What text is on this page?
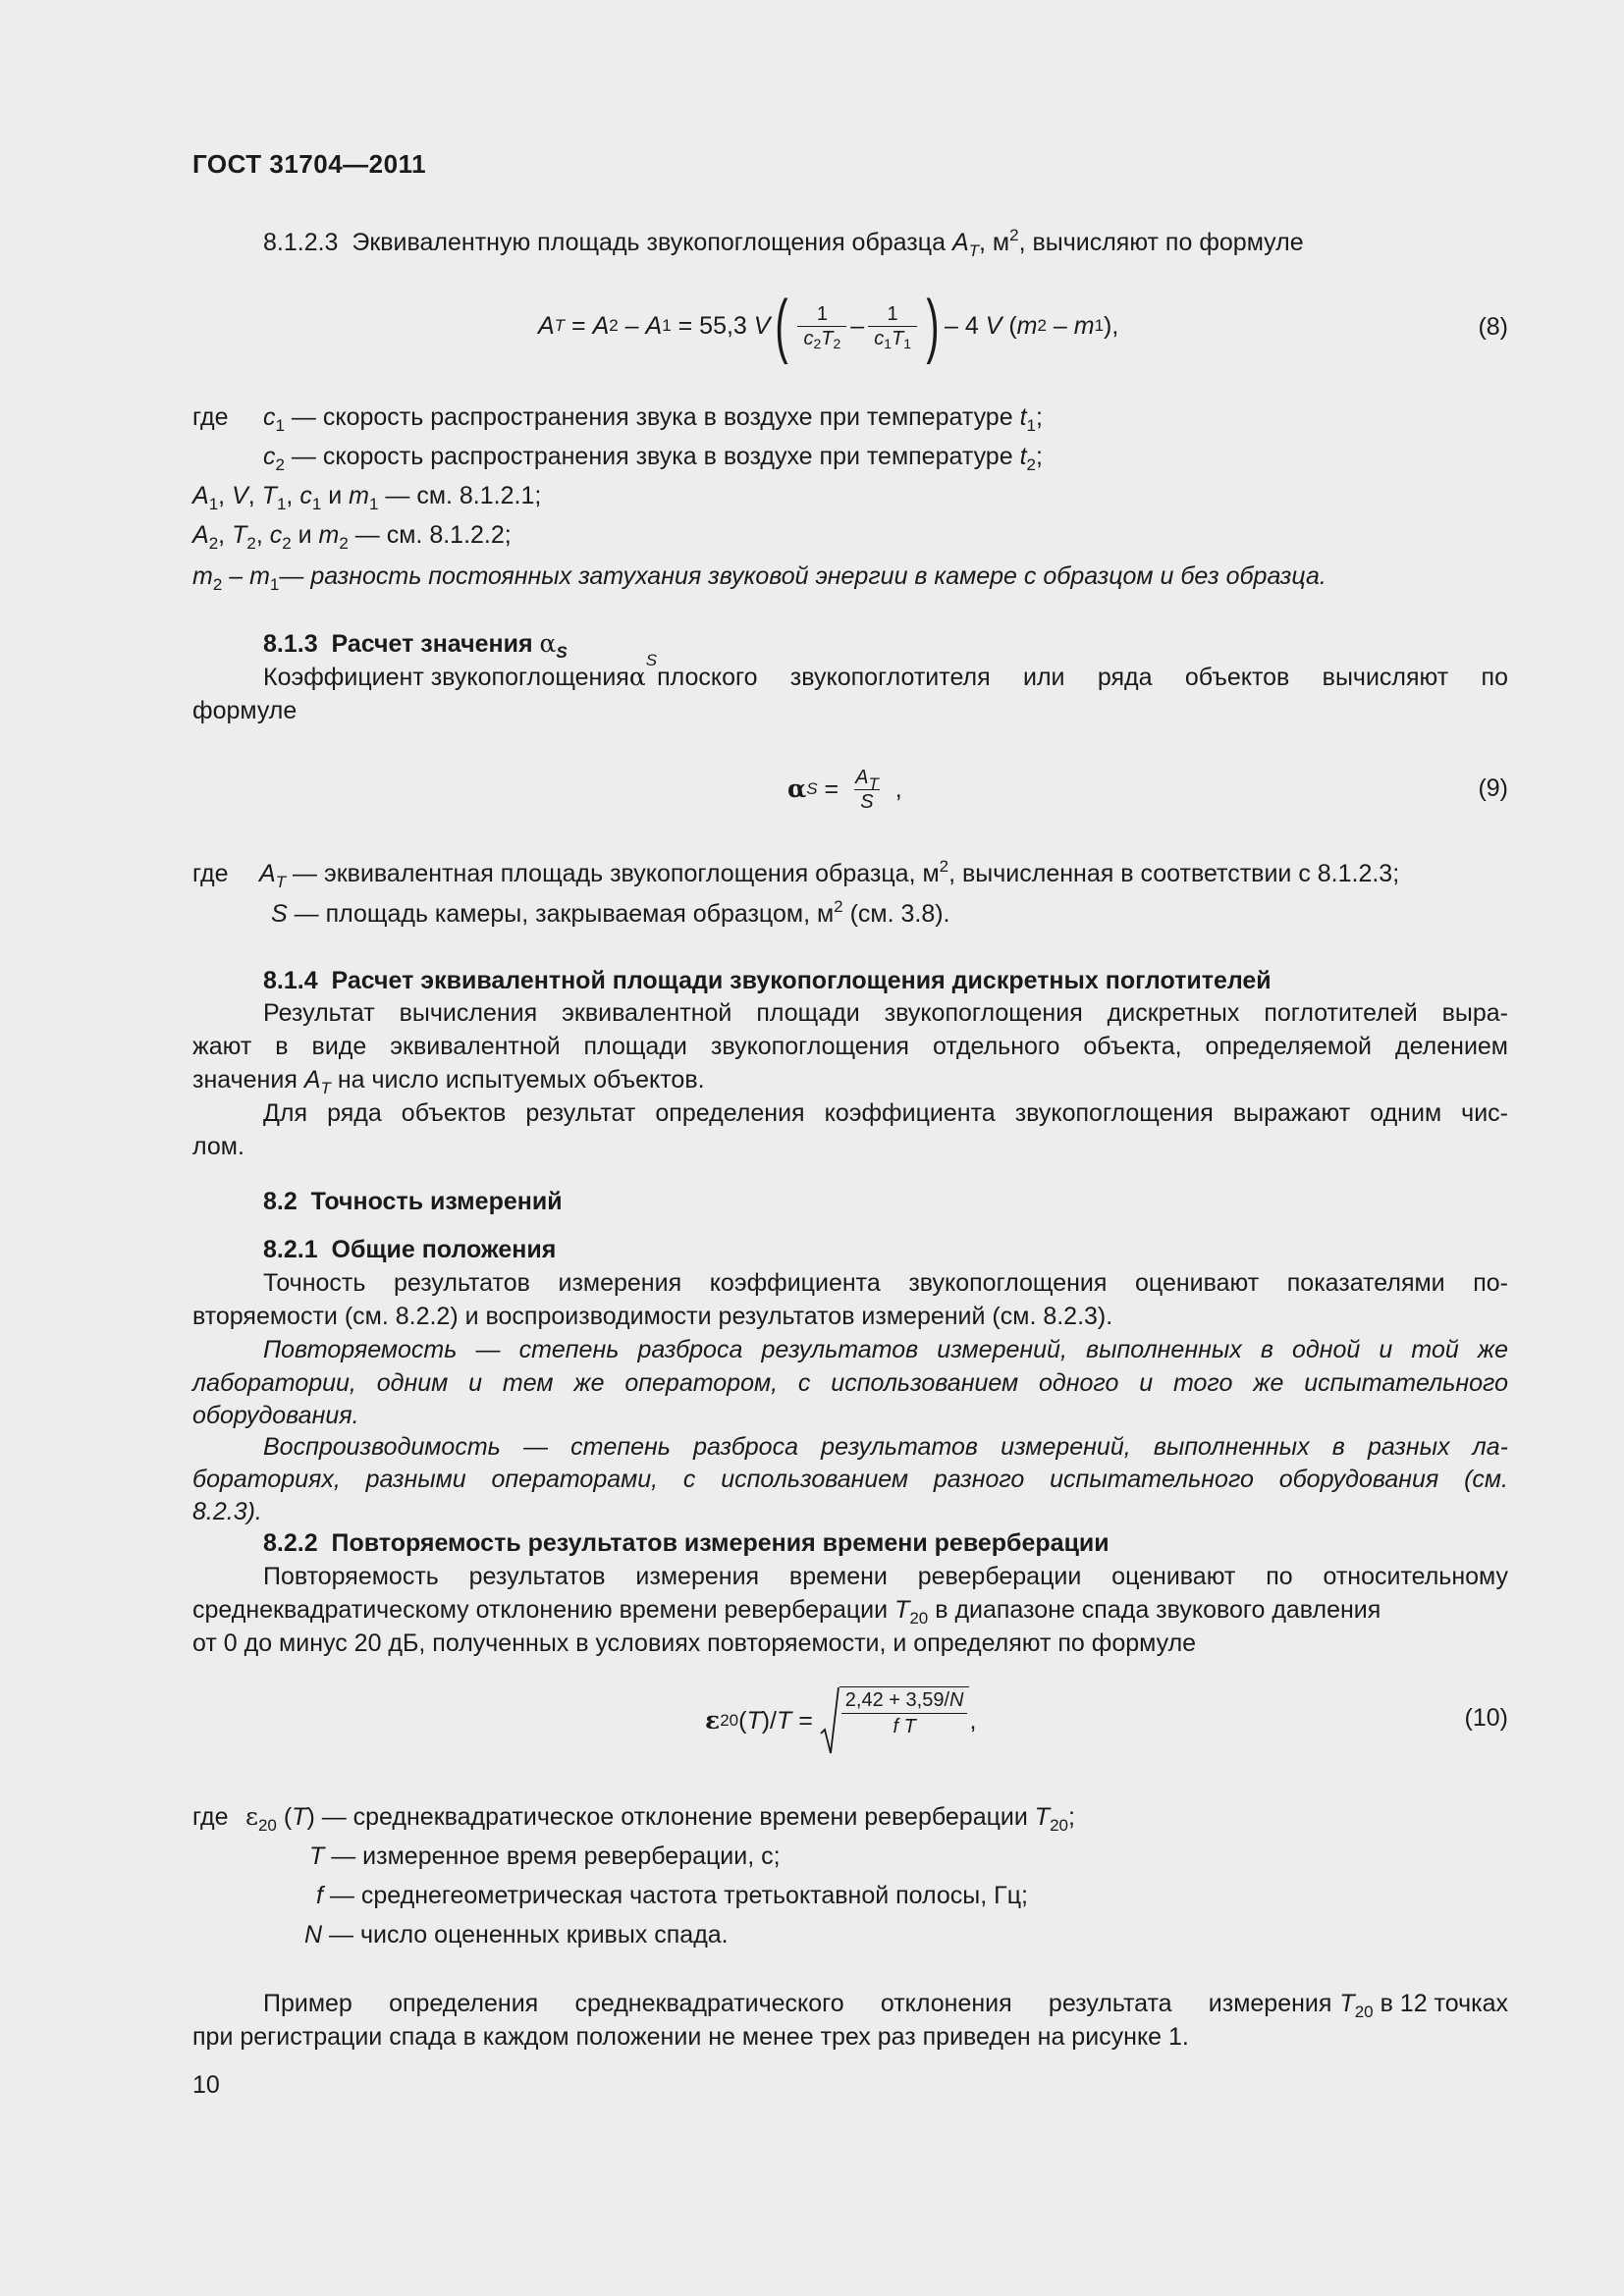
ГОСТ 31704—2011
8.1.2.3 Эквивалентную площадь звукопоглощения образца $A_T$, $м^2$, вычисляют по формуле
A T = A 2 – A 1 = 55,3 V ( $\frac{1}{c_2T_2} - \frac{1}{c_1T_1}$ ) – 4 V ( m 2 – m 1 ),	(8)
где $c_1$ — скорость распространения звука в воздухе при температуре $t_1$;
$c_2$ — скорость распространения звука в воздухе при температуре $t_2$;
$A_1$, V, $T_1$, $c_1$ и $m_1$ — см. 8.1.2.1;
$A_2$, $T_2$, $c_2$ и $m_2$ — см. 8.1.2.2;
$m_2$ – $m_1—$ разность постоянных затухания звуковой энергии в камере с образцом и без образца.
8.1.3  Расчет значения $\alpha_S$
Коэффициент звукопоглощения α
S
плоского звукопоглотителя или ряда объектов вычисляют по
формуле
α $S = \frac{A_T}{S}$ ,	(9)
где $A_T$ — эквивалентная площадь звукопоглощения образца, $м^2$, вычисленная в соответствии с 8.1.2.3;
S — площадь камеры, закрываемая образцом, $м^2$ (см. 3.8).
8.1.4  Расчет эквивалентной площади звукопоглощения дискретных поглотителей
Результат вычисления эквивалентной площади звукопоглощения дискретных поглотителей выра-
жают в виде эквивалентной площади звукопоглощения отдельного объекта, определяемой делением
значения $A_T$ на число испытуемых объектов.
Для ряда объектов результат определения коэффициента звукопоглощения выражают одним чис-
лом.
8.2  Точность измерений
8.2.1  Общие положения
Точность результатов измерения коэффициента звукопоглощения оценивают показателями по-
вторяемости (см. 8.2.2) и воспроизводимости результатов измерений (см. 8.2.3).
Повторяемость — степень разброса результатов измерений, выполненных в одной и той же
лаборатории, одним и тем же оператором, с использованием одного и того же испытательного
оборудования.
Воспроизводимость — степень разброса результатов измерений, выполненных в разных ла-
бораториях, разными операторами, с использованием разного испытательного оборудования (см.
8.2.3).
8.2.2  Повторяемость результатов измерения времени реверберации
Повторяемость результатов измерения времени реверберации оценивают по относительному
среднеквадратическому отклонению времени реверберации $T_{20}$ в диапазоне спада звукового давления
от 0 до минус 20 дБ, полученных в условиях повторяемости, и определяют по формуле
ε 20 ( T )/ $T = \frac{2,42 + 3,59/N}{\text{f T}}$ ,	(10)
где $\varepsilon_{20}$ (T) — среднеквадратическое отклонение времени реверберации $T_{20}$;
T — измеренное время реверберации, с;
f — среднегеометрическая частота третьоктавной полосы, Гц;
N — число оцененных кривых спада.
Пример определения среднеквадратического отклонения результата измерения $T_{20}$ в 12 точках
при регистрации спада в каждом положении не менее трех раз приведен на рисунке 1.
10
